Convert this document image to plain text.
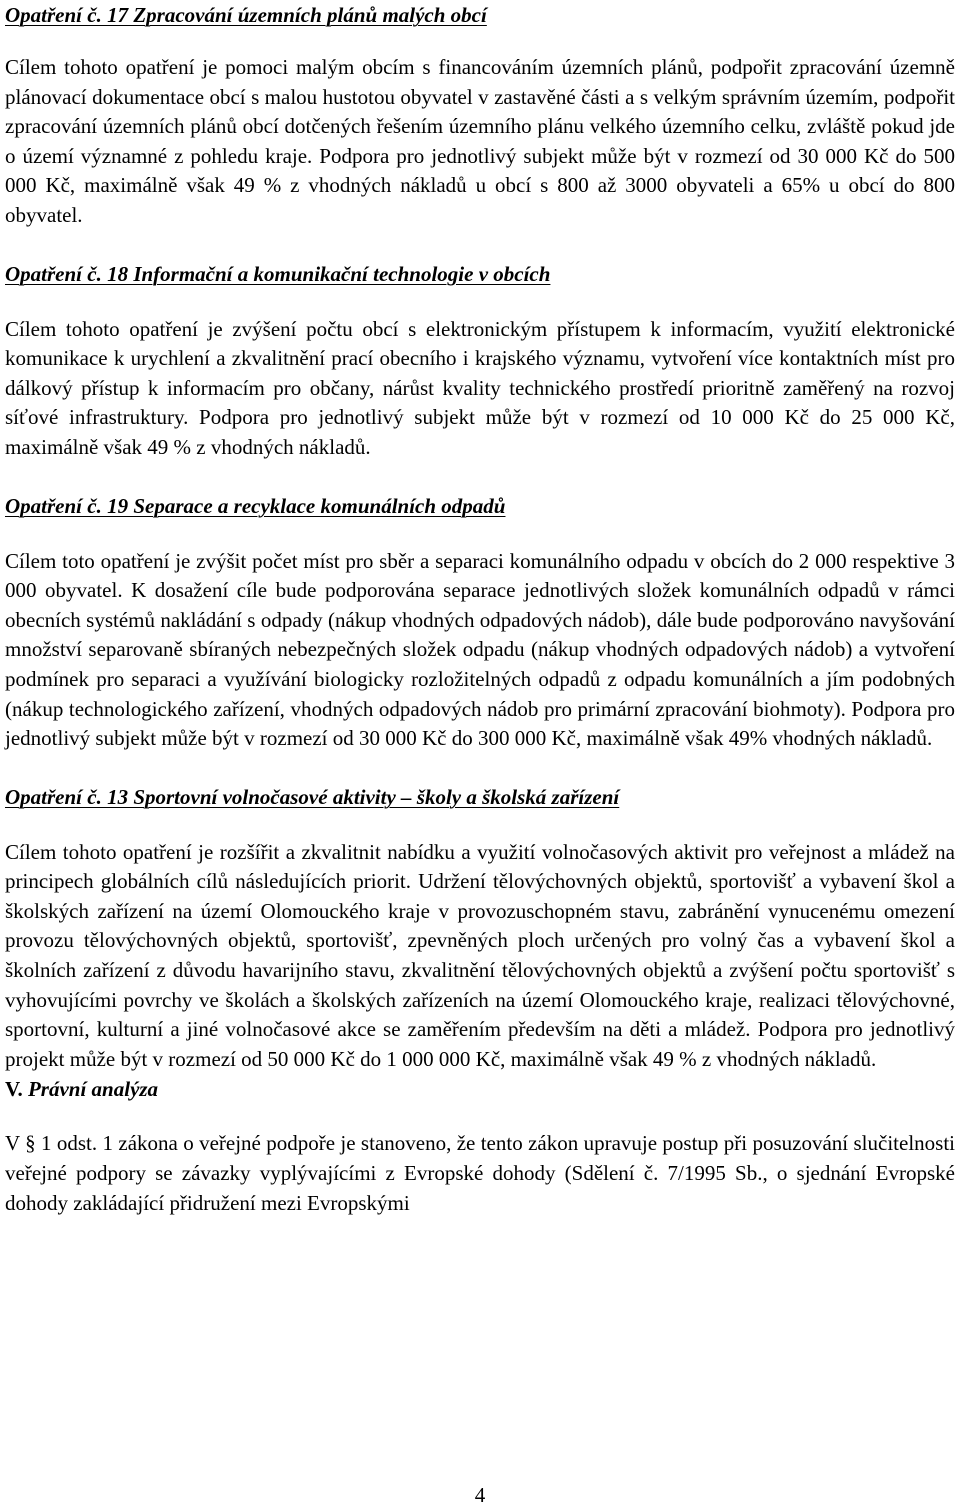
Opatření č. 17 Zpracování územních plánů malých obcí

Cílem tohoto opatření je pomoci malým obcím s financováním územních plánů, podpořit zpracování územně plánovací dokumentace obcí s malou hustotou obyvatel v zastavěné části a s velkým správním územím, podpořit zpracování územních plánů obcí dotčených řešením územního plánu velkého územního celku, zvláště pokud jde o území významné z pohledu kraje. Podpora pro jednotlivý subjekt může být v rozmezí od 30 000 Kč do 500 000 Kč, maximálně však 49 % z vhodných nákladů u obcí s 800 až 3000 obyvateli a 65% u obcí do 800 obyvatel.

Opatření č. 18 Informační a komunikační technologie v obcích

Cílem tohoto opatření je zvýšení počtu obcí s elektronickým přístupem k informacím, využití elektronické komunikace k urychlení a zkvalitnění prací obecního i krajského významu, vytvoření více kontaktních míst pro dálkový přístup k informacím pro občany, nárůst kvality technického prostředí prioritně zaměřený na rozvoj síťové infrastruktury. Podpora pro jednotlivý subjekt může být v rozmezí od 10 000 Kč do 25 000 Kč, maximálně však 49 % z vhodných nákladů.

Opatření č. 19 Separace a recyklace komunálních odpadů

Cílem toto opatření je zvýšit počet míst pro sběr a separaci komunálního odpadu v obcích do 2 000 respektive 3 000 obyvatel. K dosažení cíle bude podporována separace jednotlivých složek komunálních odpadů v rámci obecních systémů nakládání s odpady (nákup vhodných odpadových nádob), dále bude podporováno navyšování množství separovaně sbíraných nebezpečných složek odpadu (nákup vhodných odpadových nádob) a vytvoření podmínek pro separaci a využívání biologicky rozložitelných odpadů z odpadu komunálních a jím podobných (nákup technologického zařízení, vhodných odpadových nádob pro primární zpracování biohmoty). Podpora pro jednotlivý subjekt může být v rozmezí od 30 000 Kč do 300 000 Kč, maximálně však 49% vhodných nákladů.

Opatření č. 13 Sportovní volnočasové aktivity – školy a školská zařízení

Cílem tohoto opatření je rozšířit a zkvalitnit nabídku a využití volnočasových aktivit pro veřejnost a mládež na principech globálních cílů následujících priorit. Udržení tělovýchovných objektů, sportovišť a vybavení škol a školských zařízení na území Olomouckého kraje v provozuschopném stavu, zabránění vynucenému omezení provozu tělovýchovných objektů, sportovišť, zpevněných ploch určených pro volný čas a vybavení škol a školních zařízení z důvodu havarijního stavu, zkvalitnění tělovýchovných objektů a zvýšení počtu sportovišť s vyhovujícími povrchy ve školách a školských zařízeních na území Olomouckého kraje, realizaci tělovýchovné, sportovní, kulturní a jiné volnočasové akce se zaměřením především na děti a mládež. Podpora pro jednotlivý projekt může být v rozmezí od 50 000 Kč do 1 000 000 Kč, maximálně však 49 % z vhodných nákladů.

V. Právní analýza

V § 1 odst. 1 zákona o veřejné podpoře je stanoveno, že tento zákon upravuje postup při posuzování slučitelnosti veřejné podpory se závazky vyplývajícími z Evropské dohody (Sdělení č. 7/1995 Sb., o sjednání Evropské dohody zakládající přidružení mezi Evropskými

4
